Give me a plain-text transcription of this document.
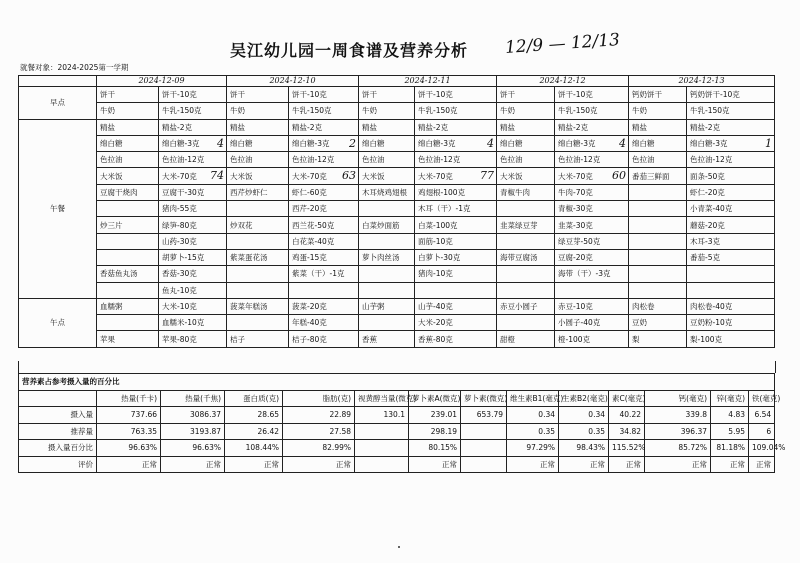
吴江幼儿园一周食谱及营养分析 12/9 — 12/13
就餐对象：2024-2025第一学期
	2024-12-09		2024-12-10		2024-12-11		2024-12-12		2024-12-13	
早点	饼干	饼干-10克	饼干	饼干-10克	饼干	饼干-10克	饼干	饼干-10克	钙奶饼干	钙奶饼干-10克
	牛奶	牛乳-150克	牛奶	牛乳-150克	牛奶	牛乳-150克	牛奶	牛乳-150克	牛奶	牛乳-150克
午餐	精盐	精盐-2克	精盐	精盐-2克	精盐	精盐-2克	精盐	精盐-2克	精盐	精盐-2克
	绵白糖	绵白糖-3克 4	绵白糖	绵白糖-3克 2	绵白糖	绵白糖-3克 4	绵白糖	绵白糖-3克 4	绵白糖	绵白糖-3克 1

	色拉油	色拉油-12克	色拉油	色拉油-12克	色拉油	色拉油-12克	色拉油	色拉油-12克	色拉油	色拉油-12克
	大米饭	大米-70克 74	大米饭	大米-70克 63	大米饭	大米-70克 77	大米饭	大米-70克 60	番茄三鲜面	面条-50克
	豆腐干烧肉	豆腐干-30克	西芹炒虾仁	虾仁-60克	木耳烧鸡翅根	鸡翅根-100克	青椒牛肉	牛肉-70克		虾仁-20克
		猪肉-55克		西芹-20克		木耳（干）-1克		青椒-30克		小青菜-40克
	炒三片	绿笋-80克	炒双花	西兰花-50克	白菜炒面筋	白菜-100克	韭菜绿豆芽	韭菜-30克		蘑菇-20克
		山药-30克		白花菜-40克		面筋-10克		绿豆芽-50克		木耳-3克
		胡萝卜-15克	紫菜蛋花汤	鸡蛋-15克	萝卜肉丝汤	白萝卜-30克	海带豆腐汤	豆腐-20克		番茄-5克
	香菇鱼丸汤	香菇-30克		紫菜（干）-1克		猪肉-10克		海带（干）-3克		
		鱼丸-10克								
午点	血糯粥	大米-10克	菠菜年糕汤	菠菜-20克	山芋粥	山芋-40克	赤豆小圆子	赤豆-10克	肉松卷	肉松卷-40克
		血糯米-10克		年糕-40克		大米-20克		小圆子-40克	豆奶	豆奶粉-10克
	苹果	苹果-80克	桔子	桔子-80克	香蕉	香蕉-80克	甜橙	橙-100克	梨	梨-100克
营养素占参考摄入量的百分比													
	热量(千卡)	热量(千焦)	蛋白质(克)	脂肪(克)	视黄醇当量(微克)	萝卜素A(微克)	萝卜素(微克)	维生素B1(毫克)	生素B2(毫克)	素C(毫克)	钙(毫克)	锌(毫克)	铁(毫克)
摄入量	737.66	3086.37	28.65	22.89	130.1	239.01	653.79	0.34	0.34	40.22	339.8	4.83	6.54
推荐量	763.35	3193.87	26.42	27.58		298.19		0.35	0.35	34.82	396.37	5.95	6
摄入量百分比	96.63%	96.63%	108.44%	82.99%		80.15%		97.29%	98.43%	115.52%	85.72%	81.18%	109.04%
评价	正常	正常	正常	正常		正常		正常	正常	正常	正常	正常	正常
